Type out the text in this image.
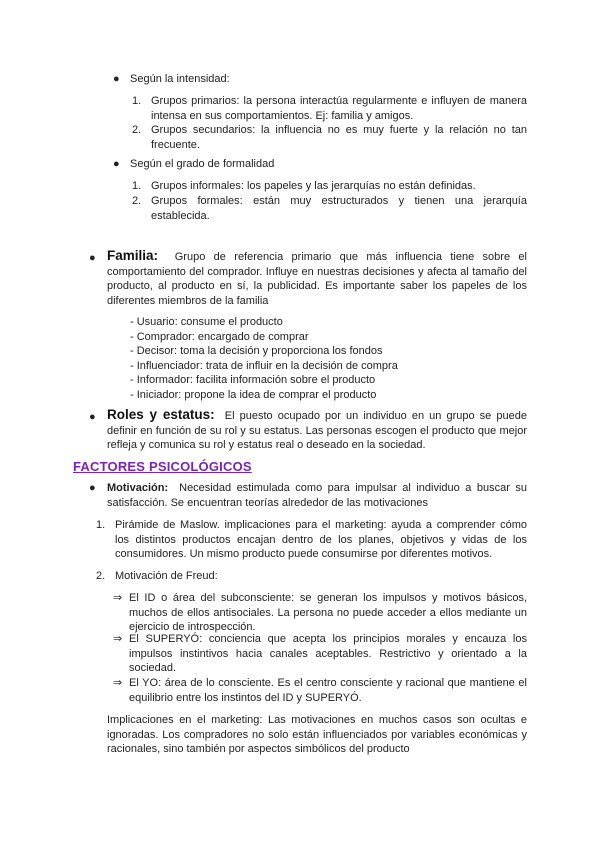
● Según la intensidad:
1. Grupos primarios: la persona interactúa regularmente e influyen de manera intensa en sus comportamientos. Ej: familia y amigos.
2. Grupos secundarios: la influencia no es muy fuerte y la relación no tan frecuente.
● Según el grado de formalidad
1. Grupos informales: los papeles y las jerarquías no están definidas.
2. Grupos formales: están muy estructurados y tienen una jerarquía establecida.
● Familia: Grupo de referencia primario que más influencia tiene sobre el comportamiento del comprador. Influye en nuestras decisiones y afecta al tamaño del producto, al producto en sí, la publicidad. Es importante saber los papeles de los diferentes miembros de la familia
- Usuario: consume el producto
- Comprador: encargado de comprar
- Decisor: toma la decisión y proporciona los fondos
- Influenciador: trata de influir en la decisión de compra
- Informador: facilita información sobre el producto
- Iniciador: propone la idea de comprar el producto
● Roles y estatus: El puesto ocupado por un individuo en un grupo se puede definir en función de su rol y su estatus. Las personas escogen el producto que mejor refleja y comunica su rol y estatus real o deseado en la sociedad.
FACTORES PSICOLÓGICOS
● Motivación: Necesidad estimulada como para impulsar al individuo a buscar su satisfacción. Se encuentran teorías alrededor de las motivaciones
1. Pirámide de Maslow. implicaciones para el marketing: ayuda a comprender cómo los distintos productos encajan dentro de los planes, objetivos y vidas de los consumidores. Un mismo producto puede consumirse por diferentes motivos.
2. Motivación de Freud:
⇒ El ID o área del subconsciente: se generan los impulsos y motivos básicos, muchos de ellos antisociales. La persona no puede acceder a ellos mediante un ejercicio de introspección.
⇒ El SUPERYÓ: conciencia que acepta los principios morales y encauza los impulsos instintivos hacia canales aceptables. Restrictivo y orientado a la sociedad.
⇒ El YO: área de lo consciente. Es el centro consciente y racional que mantiene el equilibrio entre los instintos del ID y SUPERYÓ.
Implicaciones en el marketing: Las motivaciones en muchos casos son ocultas e ignoradas. Los compradores no solo están influenciados por variables económicas y racionales, sino también por aspectos simbólicos del producto
